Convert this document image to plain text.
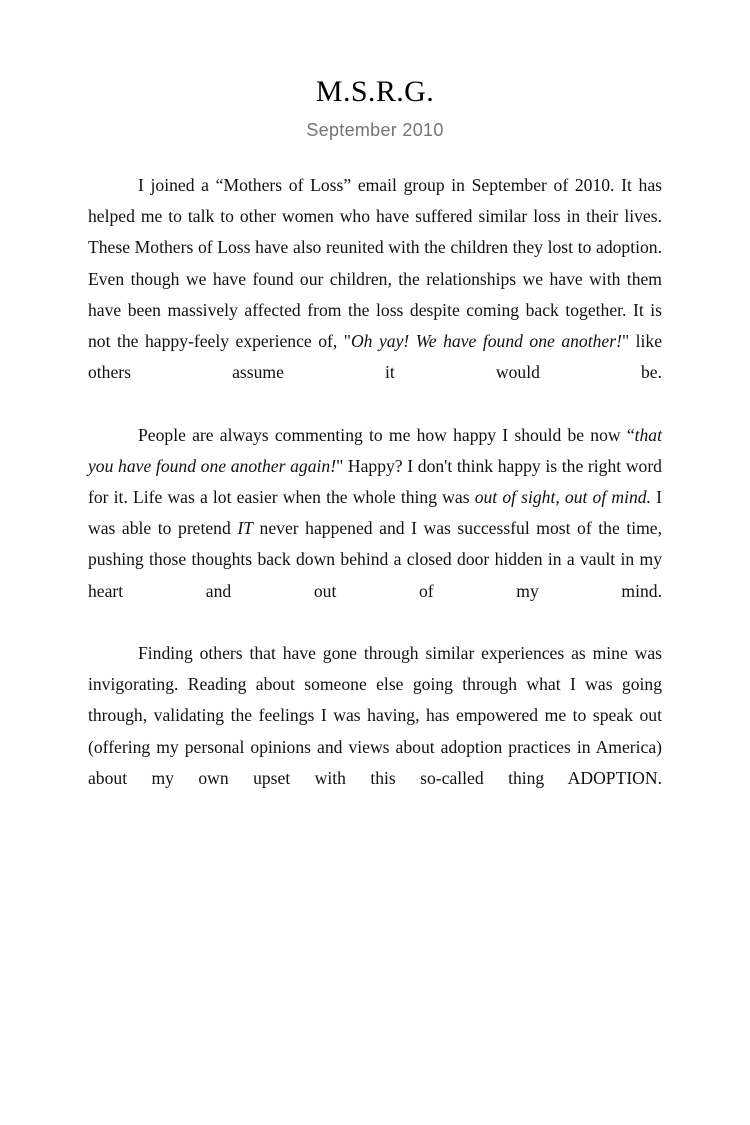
M.S.R.G.

September 2010

I joined a “Mothers of Loss” email group in September of 2010. It has helped me to talk to other women who have suffered similar loss in their lives. These Mothers of Loss have also reunited with the children they lost to adoption. Even though we have found our children, the relationships we have with them have been massively affected from the loss despite coming back together. It is not the happy-feely experience of, "Oh yay! We have found one another!" like others assume it would be.

People are always commenting to me how happy I should be now “that you have found one another again!" Happy? I don't think happy is the right word for it. Life was a lot easier when the whole thing was out of sight, out of mind. I was able to pretend IT never happened and I was successful most of the time, pushing those thoughts back down behind a closed door hidden in a vault in my heart and out of my mind.

Finding others that have gone through similar experiences as mine was invigorating. Reading about someone else going through what I was going through, validating the feelings I was having, has empowered me to speak out (offering my personal opinions and views about adoption practices in America) about my own upset with this so-called thing ADOPTION.
